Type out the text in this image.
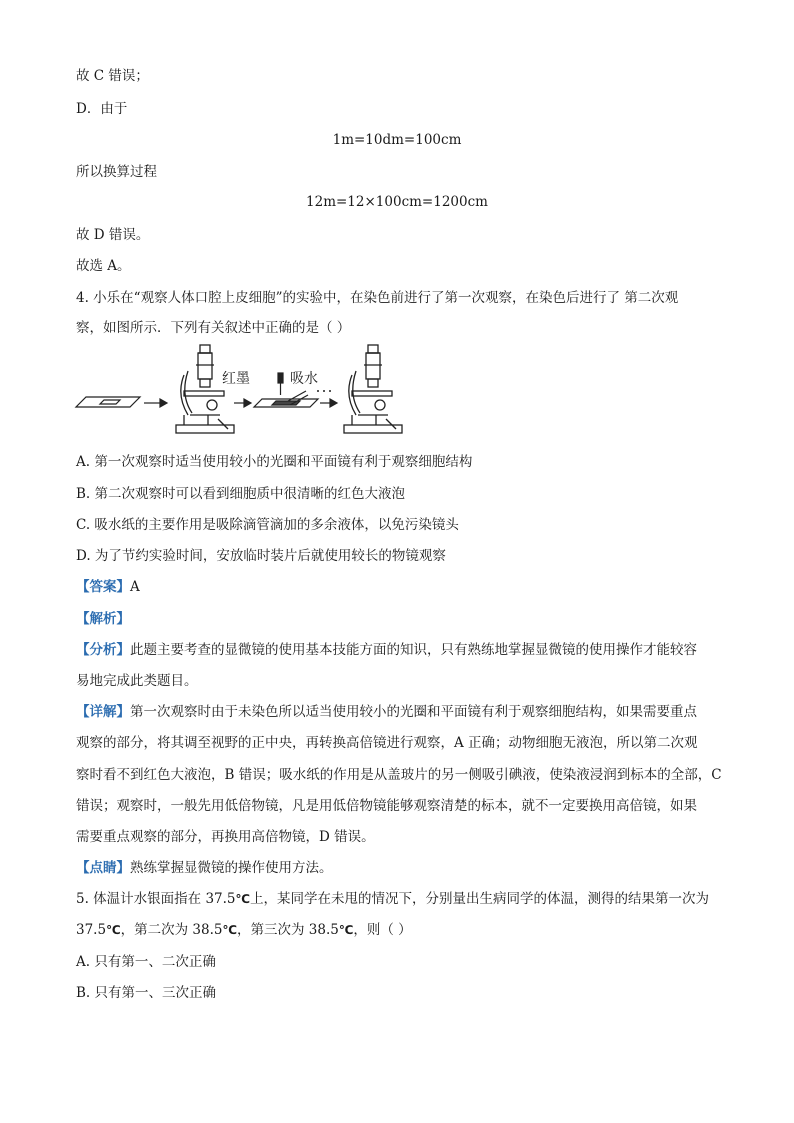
故 C 错误；
D．由于
1m=10dm=100cm
所以换算过程
12m=12×100cm=1200cm
故 D 错误。
故选 A。
4. 小乐在“观察人体口腔上皮细胞”的实验中，在染色前进行了第一次观察，在染色后进行了 第二次观
察，如图所示．下列有关叙述中正确的是（ ）
红墨	吸水
A. 第一次观察时适当使用较小的光圈和平面镜有利于观察细胞结构
B. 第二次观察时可以看到细胞质中很清晰的红色大液泡
C. 吸水纸的主要作用是吸除滴管滴加的多余液体，以免污染镜头
D. 为了节约实验时间，安放临时装片后就使用较长的物镜观察
【答案】A
【解析】
【分析】此题主要考查的显微镜的使用基本技能方面的知识，只有熟练地掌握显微镜的使用操作才能较容
易地完成此类题目。
【详解】第一次观察时由于未染色所以适当使用较小的光圈和平面镜有利于观察细胞结构，如果需要重点
观察的部分，将其调至视野的正中央，再转换高倍镜进行观察，A 正确；动物细胞无液泡，所以第二次观
察时看不到红色大液泡，B 错误；吸水纸的作用是从盖玻片的另一侧吸引碘液，使染液浸润到标本的全部，C
错误；观察时，一般先用低倍物镜，凡是用低倍物镜能够观察清楚的标本，就不一定要换用高倍镜，如果
需要重点观察的部分，再换用高倍物镜，D 错误。
【点睛】熟练掌握显微镜的操作使用方法。
5. 体温计水银面指在 37.5℃上，某同学在未甩的情况下，分别量出生病同学的体温，测得的结果第一次为
37.5℃，第二次为 38.5℃，第三次为 38.5℃，则（ ）
A. 只有第一、二次正确
B. 只有第一、三次正确
